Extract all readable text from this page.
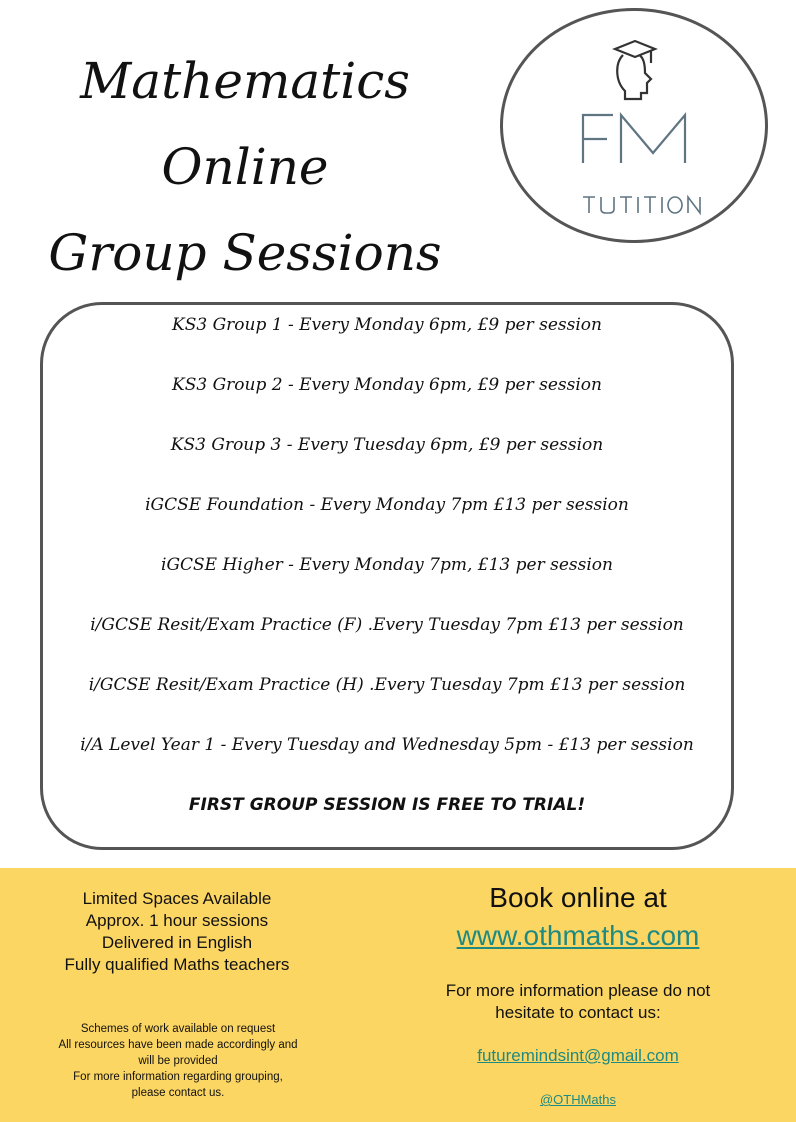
Mathematics
Online
Group Sessions
KS3 Group 1 - Every Monday 6pm, £9 per session
KS3 Group 2 - Every Monday 6pm, £9 per session
KS3 Group 3 - Every Tuesday 6pm, £9 per session
iGCSE Foundation - Every Monday 7pm £13 per session
iGCSE Higher - Every Monday 7pm, £13 per session
i/GCSE Resit/Exam Practice (F) .Every Tuesday 7pm £13 per session
i/GCSE Resit/Exam Practice (H) .Every Tuesday 7pm £13 per session
i/A Level Year 1 - Every Tuesday and Wednesday 5pm - £13 per session
FIRST GROUP SESSION IS FREE TO TRIAL!
Limited Spaces Available
Approx. 1 hour sessions
Delivered in English
Fully qualified Maths teachers
Schemes of work available on request
All resources have been made accordingly and
will be provided
For more information regarding grouping,
please contact us.
Book online at
www.othmaths.com
For more information please do not
hesitate to contact us:
futuremindsint@gmail.com
@OTHMaths
